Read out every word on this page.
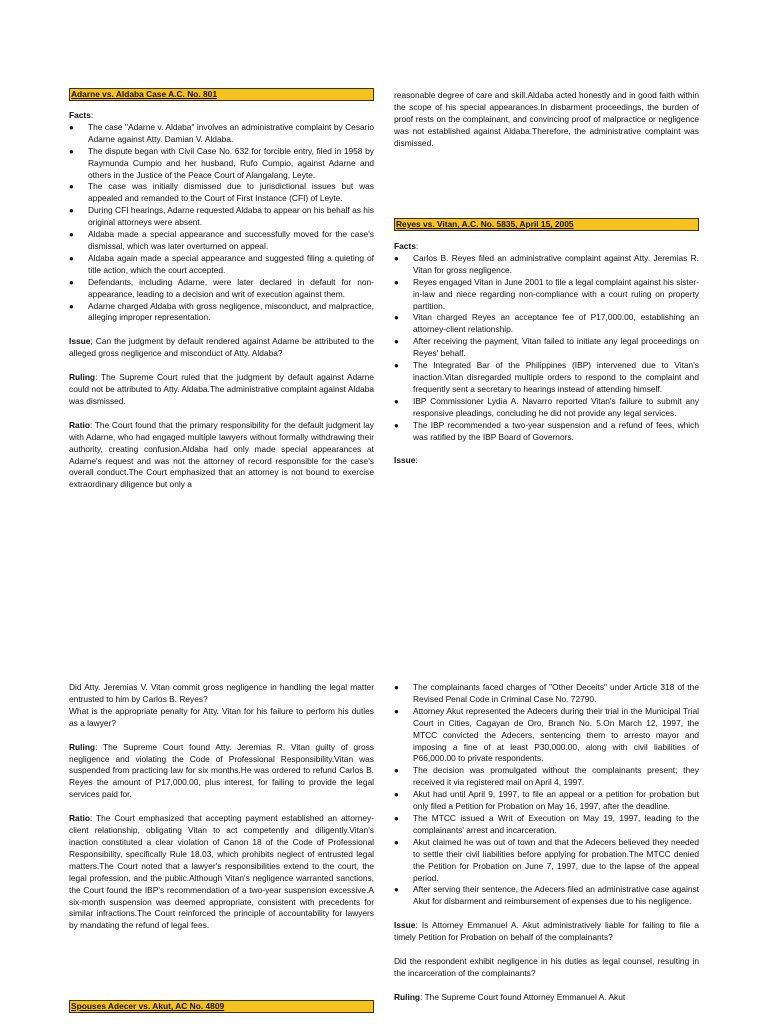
Adarne vs. Aldaba Case A.C. No. 801

Facts:

● The case "Adarne v. Aldaba" involves an administrative complaint by Cesario Adarne against Atty. Damian V. Aldaba.
● The dispute began with Civil Case No. 632 for forcible entry, filed in 1958 by Raymunda Cumpio and her husband, Rufo Cumpio, against Adarne and others in the Justice of the Peace Court of Alangalang, Leyte.
● The case was initially dismissed due to jurisdictional issues but was appealed and remanded to the Court of First Instance (CFI) of Leyte.
● During CFI hearings, Adarne requested Aldaba to appear on his behalf as his original attorneys were absent.
● Aldaba made a special appearance and successfully moved for the case's dismissal, which was later overturned on appeal.
● Aldaba again made a special appearance and suggested filing a quieting of title action, which the court accepted.
● Defendants, including Adarne, were later declared in default for non-appearance, leading to a decision and writ of execution against them.
● Adarne charged Aldaba with gross negligence, misconduct, and malpractice, alleging improper representation.

Issue; Can the judgment by default rendered against Adarne be attributed to the alleged gross negligence and misconduct of Atty. Aldaba?

Ruling: The Supreme Court ruled that the judgment by default against Adarne could not be attributed to Atty. Aldaba.The administrative complaint against Aldaba was dismissed.

Ratio: The Court found that the primary responsibility for the default judgment lay with Adarne, who had engaged multiple lawyers without formally withdrawing their authority, creating confusion.Aldaba had only made special appearances at Adarne's request and was not the attorney of record responsible for the case's overall conduct.The Court emphasized that an attorney is not bound to exercise extraordinary diligence but only a

reasonable degree of care and skill.Aldaba acted honestly and in good faith within the scope of his special appearances.In disbarment proceedings, the burden of proof rests on the complainant, and convincing proof of malpractice or negligence was not established against Aldaba.Therefore, the administrative complaint was dismissed.

Reyes vs. Vitan, A.C. No. 5835, April 15, 2005

Facts:

● Carlos B. Reyes filed an administrative complaint against Atty. Jeremias R. Vitan for gross negligence.
● Reyes engaged Vitan in June 2001 to file a legal complaint against his sister-in-law and niece regarding non-compliance with a court ruling on property partition.
● Vitan charged Reyes an acceptance fee of P17,000.00, establishing an attorney-client relationship.
● After receiving the payment, Vitan failed to initiate any legal proceedings on Reyes' behalf.
● The Integrated Bar of the Philippines (IBP) intervened due to Vitan's inaction.Vitan disregarded multiple orders to respond to the complaint and frequently sent a secretary to hearings instead of attending himself.
● IBP Commissioner Lydia A. Navarro reported Vitan's failure to submit any responsive pleadings, concluding he did not provide any legal services.
● The IBP recommended a two-year suspension and a refund of fees, which was ratified by the IBP Board of Governors.

Issue:

Did Atty. Jeremias V. Vitan commit gross negligence in handling the legal matter entrusted to him by Carlos B. Reyes?

What is the appropriate penalty for Atty. Vitan for his failure to perform his duties as a lawyer?

Ruling: The Supreme Court found Atty. Jeremias R. Vitan guilty of gross negligence and violating the Code of Professional Responsibility.Vitan was suspended from practicing law for six months.He was ordered to refund Carlos B. Reyes the amount of P17,000.00, plus interest, for failing to provide the legal services paid for.

Ratio: The Court emphasized that accepting payment established an attorney-client relationship, obligating Vitan to act competently and diligently.Vitan's inaction constituted a clear violation of Canon 18 of the Code of Professional Responsibility, specifically Rule 18.03, which prohibits neglect of entrusted legal matters.The Court noted that a lawyer's responsibilities extend to the court, the legal profession, and the public.Although Vitan's negligence warranted sanctions, the Court found the IBP's recommendation of a two-year suspension excessive.A six-month suspension was deemed appropriate, consistent with precedents for similar infractions.The Court reinforced the principle of accountability for lawyers by mandating the refund of legal fees.

Spouses Adecer vs. Akut, AC No. 4809
● The complainants faced charges of "Other Deceits" under Article 318 of the Revised Penal Code in Criminal Case No. 72790.
● Attorney Akut represented the Adecers during their trial in the Municipal Trial Court in Cities, Cagayan de Oro, Branch No. 5.On March 12, 1997, the MTCC convicted the Adecers, sentencing them to arresto mayor and imposing a fine of at least P30,000.00, along with civil liabilities of P66,000.00 to private respondents.
● The decision was promulgated without the complainants present; they received it via registered mail on April 4, 1997.
● Akut had until April 9, 1997, to file an appeal or a petition for probation but only filed a Petition for Probation on May 16, 1997, after the deadline.
● The MTCC issued a Writ of Execution on May 19, 1997, leading to the complainants' arrest and incarceration.
● Akut claimed he was out of town and that the Adecers believed they needed to settle their civil liabilities before applying for probation.The MTCC denied the Petition for Probation on June 7, 1997, due to the lapse of the appeal period.
● After serving their sentence, the Adecers filed an administrative case against Akut for disbarment and reimbursement of expenses due to his negligence.

Issue: Is Attorney Emmanuel A. Akut administratively liable for failing to file a timely Petition for Probation on behalf of the complainants?

Did the respondent exhibit negligence in his duties as legal counsel, resulting in the incarceration of the complainants?

Ruling: The Supreme Court found Attorney Emmanuel A. Akut
